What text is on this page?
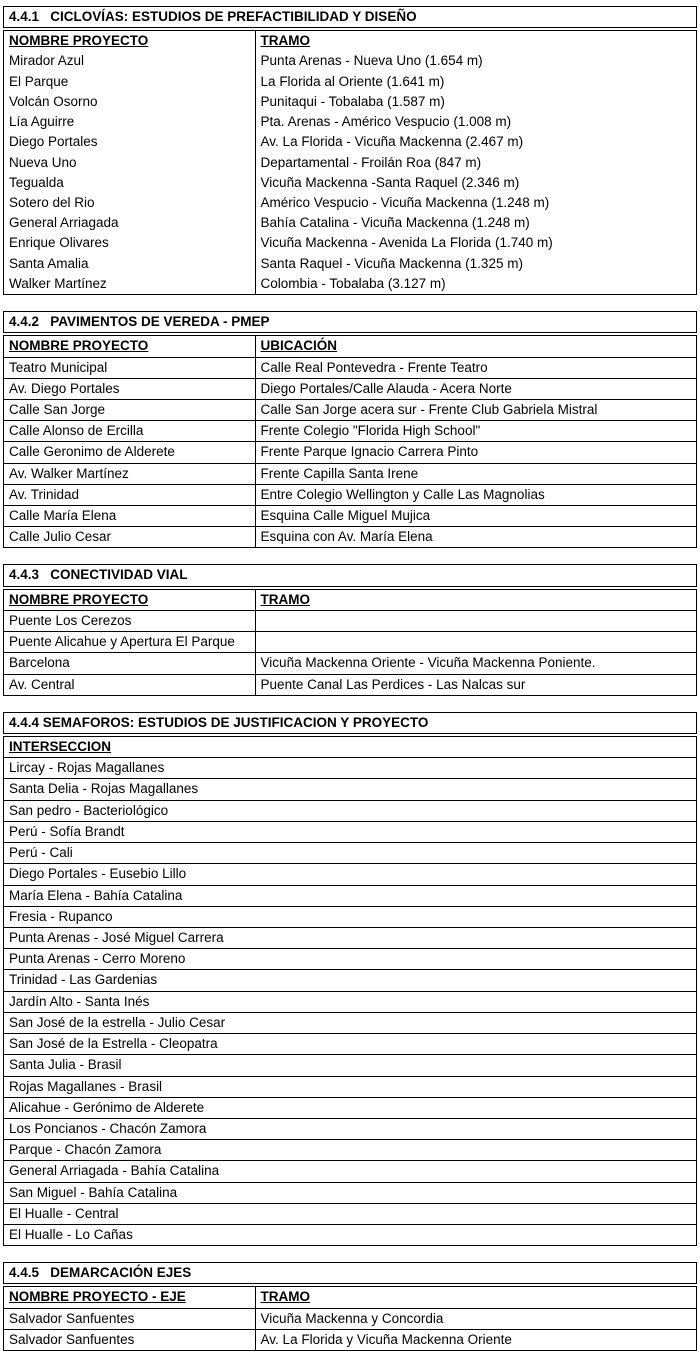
4.4.1   CICLOVÍAS: ESTUDIOS DE PREFACTIBILIDAD Y DISEÑO
NOMBRE PROYECTO	TRAMO
Mirador Azul	Punta Arenas - Nueva Uno (1.654 m)
El Parque	La Florida al Oriente (1.641 m)
Volcán Osorno	Punitaqui - Tobalaba (1.587 m)
Lía Aguirre	Pta. Arenas - Américo Vespucio (1.008 m)
Diego Portales	Av. La Florida - Vicuña Mackenna (2.467 m)
Nueva Uno	Departamental - Froilán Roa (847 m)
Tegualda	Vicuña Mackenna -Santa Raquel (2.346 m)
Sotero del Rio	Américo Vespucio - Vicuña Mackenna (1.248 m)
General Arriagada	Bahía Catalina - Vicuña Mackenna (1.248 m)
Enrique Olivares	Vicuña Mackenna - Avenida La Florida (1.740 m)
Santa Amalia	Santa Raquel - Vicuña Mackenna (1.325 m)
Walker Martínez	Colombia - Tobalaba (3.127 m)
4.4.2   PAVIMENTOS DE VEREDA - PMEP
NOMBRE PROYECTO	UBICACIÓN
Teatro Municipal	Calle Real Pontevedra - Frente Teatro
Av. Diego Portales	Diego Portales/Calle Alauda - Acera Norte
Calle San Jorge	Calle San Jorge acera sur - Frente Club Gabriela Mistral
Calle Alonso de Ercilla	Frente Colegio "Florida High School"
Calle Geronimo de Alderete	Frente Parque Ignacio Carrera Pinto
Av. Walker Martínez	Frente Capilla Santa Irene
Av. Trinidad	Entre Colegio Wellington y Calle Las Magnolias
Calle María Elena	Esquina Calle Miguel Mujica
Calle Julio Cesar	Esquina con Av. María Elena
4.4.3   CONECTIVIDAD VIAL
NOMBRE PROYECTO	TRAMO
Puente Los Cerezos	
Puente Alicahue y Apertura El Parque	
Barcelona	Vicuña Mackenna Oriente - Vicuña Mackenna Poniente.
Av. Central	Puente Canal Las Perdices - Las Nalcas sur
4.4.4 SEMAFOROS: ESTUDIOS DE JUSTIFICACION Y PROYECTO
INTERSECCION
Lircay - Rojas Magallanes
Santa Delia - Rojas Magallanes
San pedro - Bacteriológico
Perú - Sofía Brandt
Perú - Cali
Diego Portales - Eusebio Lillo
María Elena - Bahía Catalina
Fresia - Rupanco
Punta Arenas - José Miguel Carrera
Punta Arenas - Cerro Moreno
Trinidad - Las Gardenias
Jardín Alto - Santa Inés
San José de la estrella - Julio Cesar
San José de la Estrella - Cleopatra
Santa Julia - Brasil
Rojas Magallanes - Brasil
Alicahue - Gerónimo de Alderete
Los Poncianos - Chacón Zamora
Parque - Chacón Zamora
General Arriagada - Bahía Catalina
San Miguel - Bahía Catalina
El Hualle - Central
El Hualle - Lo Cañas
4.4.5   DEMARCACIÓN EJES
NOMBRE PROYECTO - EJE	TRAMO
Salvador Sanfuentes	Vicuña Mackenna y Concordia
Salvador Sanfuentes	Av. La Florida y Vicuña Mackenna Oriente
